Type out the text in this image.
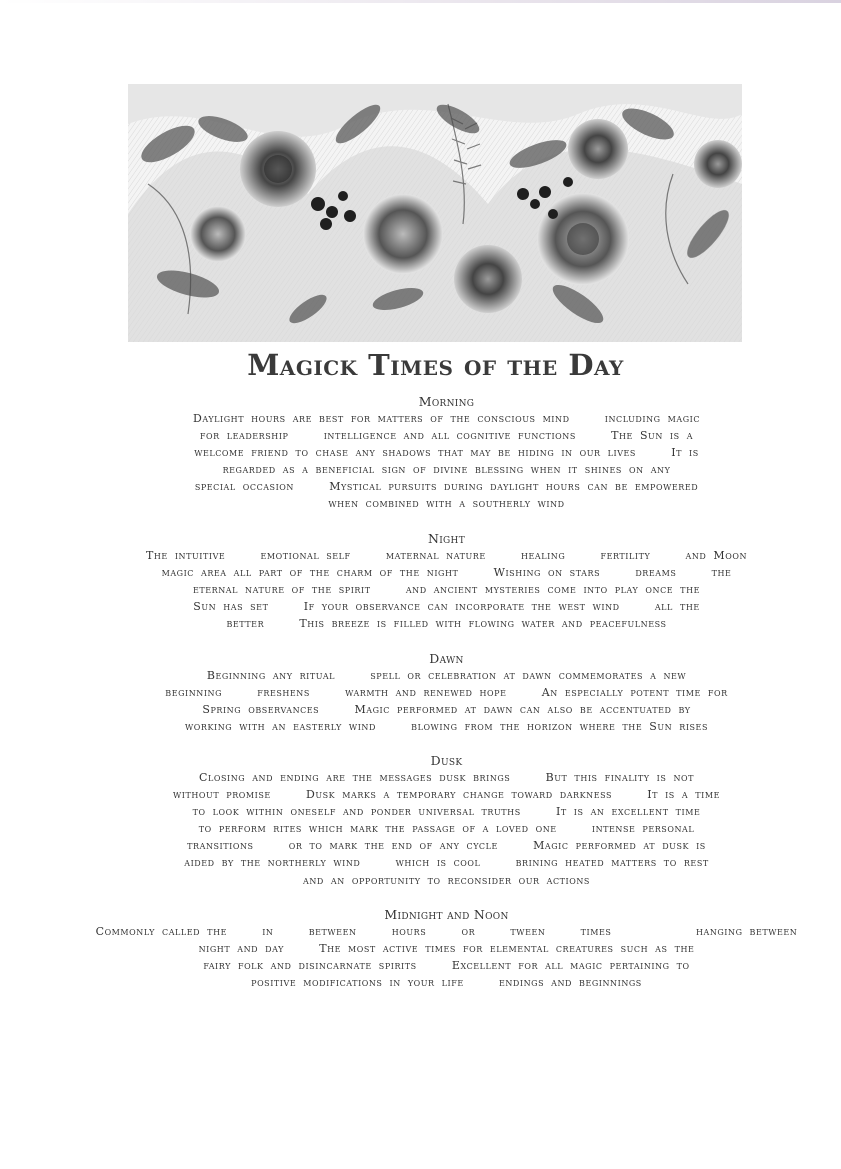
Magick Times of the Day
Morning
Daylight hours are best for matters of the conscious mind     including magic
for leadership     intelligence and all cognitive functions     The Sun is a
welcome friend to chase any shadows that may be hiding in our lives     It is
regarded as a beneficial sign of divine blessing when it shines on any
special occasion     Mystical pursuits during daylight hours can be empowered
when combined with a southerly wind
Night
The intuitive     emotional self     maternal nature     healing     fertility     and Moon
magic area all part of the charm of the night     Wishing on stars     dreams     the
eternal nature of the spirit     and ancient mysteries come into play once the
Sun has set     If your observance can incorporate the west wind     all the
better     This breeze is filled with flowing water and peacefulness
Dawn
Beginning any ritual     spell or celebration at dawn commemorates a new
beginning     freshens     warmth and renewed hope     An especially potent time for
Spring observances     Magic performed at dawn can also be accentuated by
working with an easterly wind     blowing from the horizon where the Sun rises
Dusk
Closing and ending are the messages dusk brings     But this finality is not
without promise     Dusk marks a temporary change toward darkness     It is a time
to look within oneself and ponder universal truths     It is an excellent time
to perform rites which mark the passage of a loved one     intense personal
transitions     or to mark the end of any cycle     Magic performed at dusk is
aided by the northerly wind     which is cool     brining heated matters to rest
and an opportunity to reconsider our actions
Midnight and Noon
Commonly called the     in     between     hours     or     tween     times            hanging between
night and day     The most active times for elemental creatures such as the
fairy folk and disincarnate spirits     Excellent for all magic pertaining to
positive modifications in your life     endings and beginnings
